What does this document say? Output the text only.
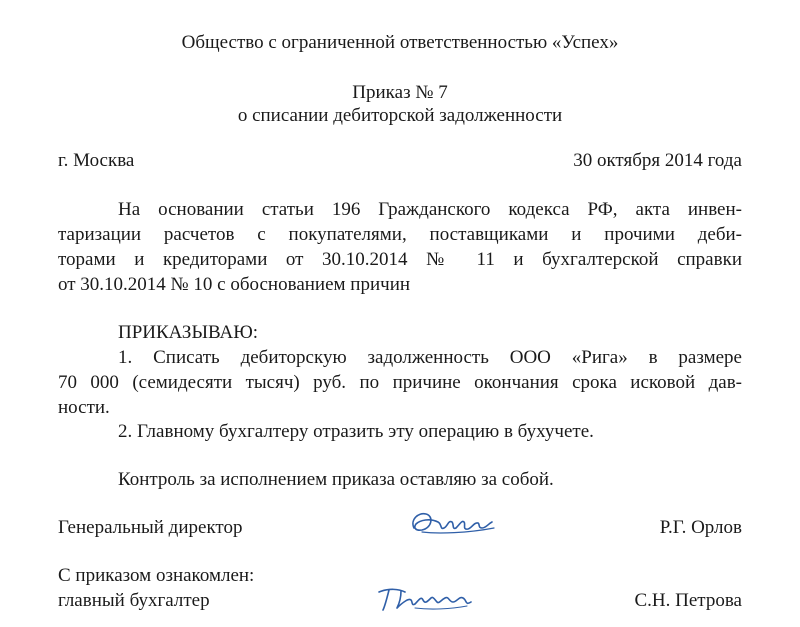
Общество с ограниченной ответственностью «Успех»
Приказ № 7
о списании дебиторской задолженности
г. Москва	30 октября 2014 года
На основании статьи 196 Гражданского кодекса РФ, акта инвен-
таризации расчетов с покупателями, поставщиками и прочими деби-
торами и кредиторами от 30.10.2014 № 11 и бухгалтерской справки
от 30.10.2014 № 10 с обоснованием причин
ПРИКАЗЫВАЮ:
1. Списать дебиторскую задолженность ООО «Рига» в размере
70 000 (семидесяти тысяч) руб. по причине окончания срока исковой дав-
ности.
2. Главному бухгалтеру отразить эту операцию в бухучете.
Контроль за исполнением приказа оставляю за собой.
Генеральный директор	Р.Г. Орлов
С приказом ознакомлен:
главный бухгалтер	С.Н. Петрова
